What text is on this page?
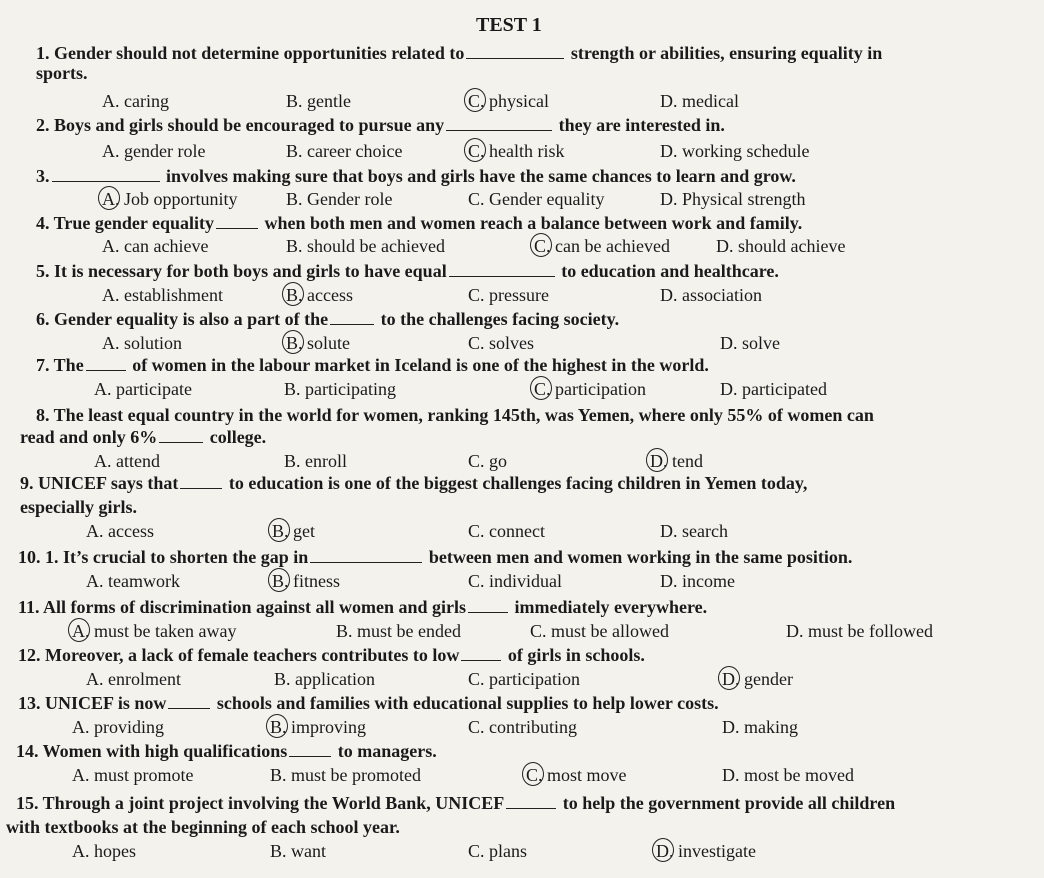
TEST 1
1. Gender should not determine opportunities related to	strength or abilities, ensuring equality in
sports.
A. caring	B. gentle	C. physical	D. medical
2. Boys and girls should be encouraged to pursue any	they are interested in.
A. gender role	B. career choice	C. health risk	D. working schedule
3.	involves making sure that boys and girls have the same chances to learn and grow.
A. Job opportunity	B. Gender role	C. Gender equality	D. Physical strength
4. True gender equality	when both men and women reach a balance between work and family.
A. can achieve	B. should be achieved	C. can be achieved	D. should achieve
5. It is necessary for both boys and girls to have equal	to education and healthcare.
A. establishment	B. access	C. pressure	D. association
6. Gender equality is also a part of the	to the challenges facing society.
A. solution	B. solute	C. solves	D. solve
7. The	of women in the labour market in Iceland is one of the highest in the world.
A. participate	B. participating	C. participation	D. participated
8. The least equal country in the world for women, ranking 145th, was Yemen, where only 55% of women can
read and only 6%	college.
A. attend	B. enroll	C. go	D. tend
9. UNICEF says that	to education is one of the biggest challenges facing children in Yemen today,
especially girls.
A. access	B. get	C. connect	D. search
10. 1. It’s crucial to shorten the gap in	between men and women working in the same position.
A. teamwork	B. fitness	C. individual	D. income
11. All forms of discrimination against all women and girls	immediately everywhere.
A. must be taken away	B. must be ended	C. must be allowed	D. must be followed
12. Moreover, a lack of female teachers contributes to low	of girls in schools.
A. enrolment	B. application	C. participation	D. gender
13. UNICEF is now	schools and families with educational supplies to help lower costs.
A. providing	B. improving	C. contributing	D. making
14. Women with high qualifications	to managers.
A. must promote	B. must be promoted	C. most move	D. most be moved
15. Through a joint project involving the World Bank, UNICEF	to help the government provide all children
with textbooks at the beginning of each school year.
A. hopes	B. want	C. plans	D. investigate
